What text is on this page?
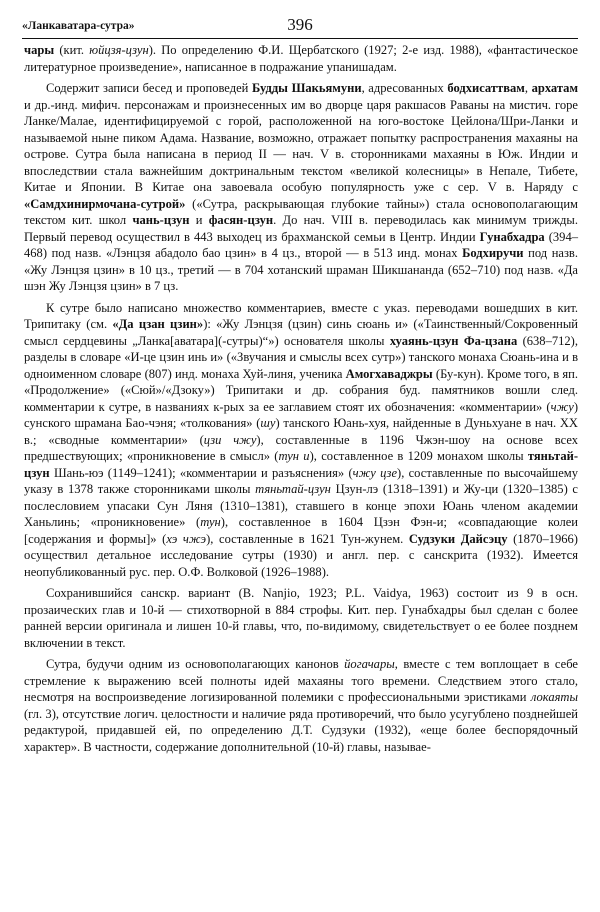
«Ланкаватара-сутра»	396

чары (кит. юйцзя-цзун). По определению Ф.И. Щербатского (1927; 2-е изд. 1988), «фантастическое литературное произведение», написанное в подражание упанишадам.

Содержит записи бесед и проповедей Будды Шакьямуни, адресованных бодхисаттвам, архатам и др.-инд. мифич. персонажам и произнесенных им во дворце царя ракшасов Раваны на мистич. горе Ланке/Малае, идентифицируемой с горой, расположенной на юго-востоке Цейлона/Шри-Ланки и называемой ныне пиком Адама. Название, возможно, отражает попытку распространения махаяны на острове. Сутра была написана в период II — нач. V в. сторонниками махаяны в Юж. Индии и впоследствии стала важнейшим доктринальным текстом «великой колесницы» в Непале, Тибете, Китае и Японии. В Китае она завоевала особую популярность уже с сер. V в. Наряду с «Самдхинирмочана-сутрой» («Сутра, раскрывающая глубокие тайны») стала основополагающим текстом кит. школ чань-цзун и фасян-цзун. До нач. VIII в. переводилась как минимум трижды. Первый перевод осуществил в 443 выходец из брахманской семьи в Центр. Индии Гунабхадра (394–468) под назв. «Лэнцзя абадоло бао цзин» в 4 цз., второй — в 513 инд. монах Бодхиручи под назв. «Жу Лэнцзя цзин» в 10 цз., третий — в 704 хотанский шраман Шикшананда (652–710) под назв. «Да шэн Жу Лэнцзя цзин» в 7 цз.

К сутре было написано множество комментариев, вместе с указ. переводами вошедших в кит. Трипитаку (см. «Да цзан цзин»): «Жу Лэнцзя (цзин) синь сюань и» («Таинственный/Сокровенный смысл сердцевины „Ланка[аватара](-сутры)“») основателя школы хуаянь-цзун Фа-цзана (638–712), разделы в словаре «И-це цзин инь и» («Звучания и смыслы всех сутр») танского монаха Сюань-ина и в одноименном словаре (807) инд. монаха Хуй-линя, ученика Амогхаваджры (Бу-кун). Кроме того, в яп. «Продолжение» («Сюй»/«Дзоку») Трипитаки и др. собрания буд. памятников вошли след. комментарии к сутре, в названиях к-рых за ее заглавием стоят их обозначения: «комментарии» (чжу) сунского шрамана Бао-чэня; «толкования» (шу) танского Юань-хуя, найденные в Дуньхуане в нач. XX в.; «сводные комментарии» (цзи чжу), составленные в 1196 Чжэн-шоу на основе всех предшествующих; «проникновение в смысл» (тун и), составленное в 1209 монахом школы тяньтай-цзун Шань-юэ (1149–1241); «комментарии и разъяснения» (чжу цзе), составленные по высочайшему указу в 1378 также сторонниками школы тяньтай-цзун Цзун-лэ (1318–1391) и Жу-ци (1320–1385) с послесловием упасаки Сун Ляня (1310–1381), ставшего в конце эпохи Юань членом академии Ханьлинь; «проникновение» (тун), составленное в 1604 Цзэн Фэн-и; «совпадающие колеи [содержания и формы]» (хэ чжэ), составленные в 1621 Тун-жунем. Судзуки Дайсэцу (1870–1966) осуществил детальное исследование сутры (1930) и англ. пер. с санскрита (1932). Имеется неопубликованный рус. пер. О.Ф. Волковой (1926–1988).

Сохранившийся санскр. вариант (B. Nanjio, 1923; P.L. Vaidya, 1963) состоит из 9 в осн. прозаических глав и 10-й — стихотворной в 884 строфы. Кит. пер. Гунабхадры был сделан с более ранней версии оригинала и лишен 10-й главы, что, по-видимому, свидетельствует о ее более позднем включении в текст.

Сутра, будучи одним из основополагающих канонов йогачары, вместе с тем воплощает в себе стремление к выражению всей полноты идей махаяны того времени. Следствием этого стало, несмотря на воспроизведение логизированной полемики с профессиональными эристиками локаяты (гл. 3), отсутствие логич. целостности и наличие ряда противоречий, что было усугублено позднейшей редактурой, придавшей ей, по определению Д.Т. Судзуки (1932), «еще более беспорядочный характер». В частности, содержание дополнительной (10-й) главы, называе-
